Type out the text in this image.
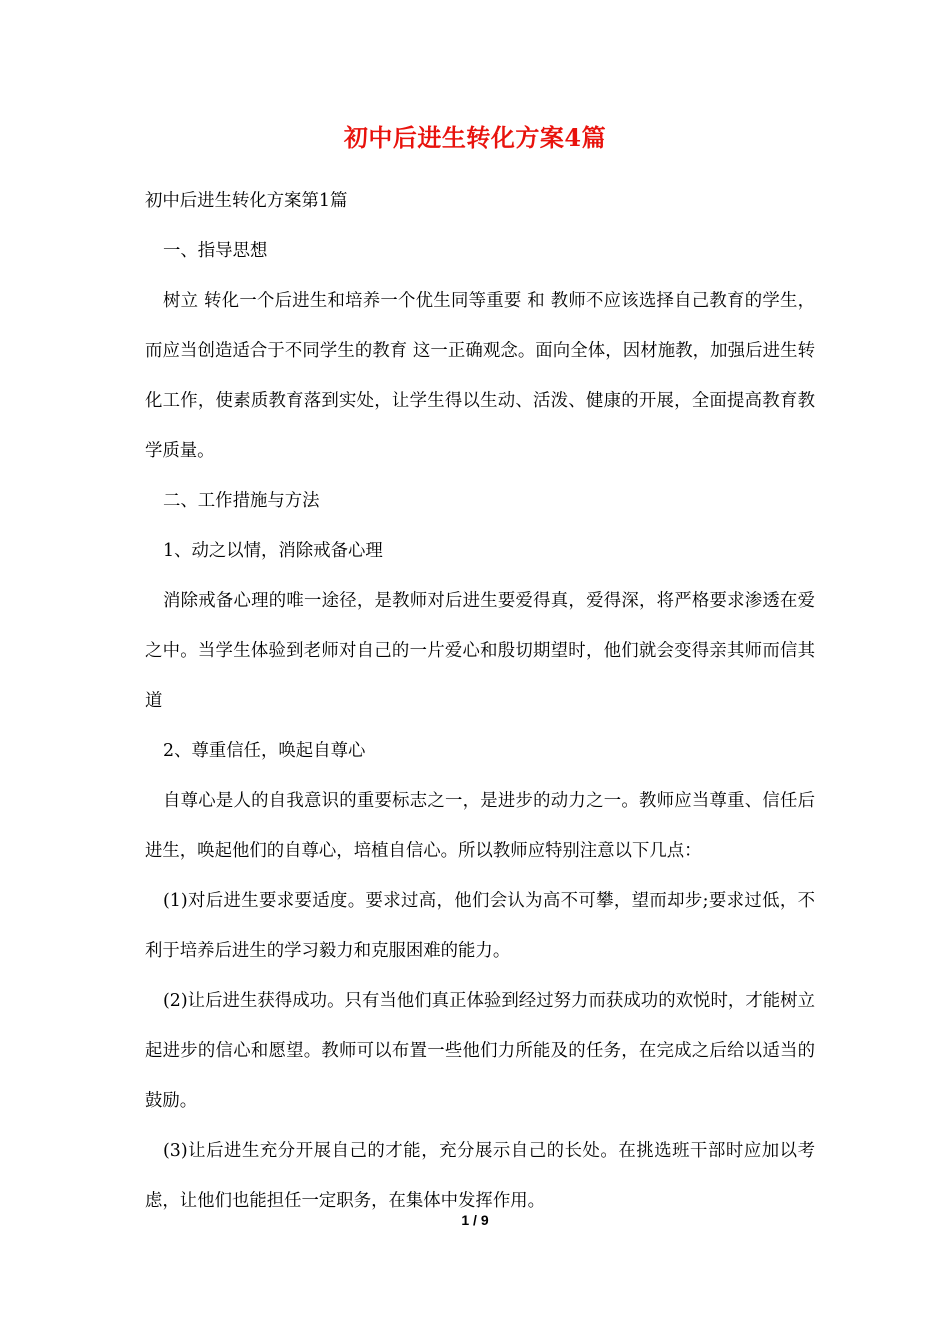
初中后进生转化方案4篇

初中后进生转化方案第1篇

一、指导思想

树立 转化一个后进生和培养一个优生同等重要 和 教师不应该选择自己教育的学生，而应当创造适合于不同学生的教育 这一正确观念。面向全体，因材施教，加强后进生转化工作，使素质教育落到实处，让学生得以生动、活泼、健康的开展，全面提高教育教学质量。

二、工作措施与方法

1、动之以情，消除戒备心理

消除戒备心理的唯一途径，是教师对后进生要爱得真，爱得深，将严格要求渗透在爱之中。当学生体验到老师对自己的一片爱心和殷切期望时，他们就会变得亲其师而信其道

2、尊重信任，唤起自尊心

自尊心是人的自我意识的重要标志之一，是进步的动力之一。教师应当尊重、信任后进生，唤起他们的自尊心，培植自信心。所以教师应特别注意以下几点：

(1)对后进生要求要适度。要求过高，他们会认为高不可攀，望而却步;要求过低，不利于培养后进生的学习毅力和克服困难的能力。

(2)让后进生获得成功。只有当他们真正体验到经过努力而获成功的欢悦时，才能树立起进步的信心和愿望。教师可以布置一些他们力所能及的任务，在完成之后给以适当的鼓励。

(3)让后进生充分开展自己的才能，充分展示自己的长处。在挑选班干部时应加以考虑，让他们也能担任一定职务，在集体中发挥作用。

1 / 9
